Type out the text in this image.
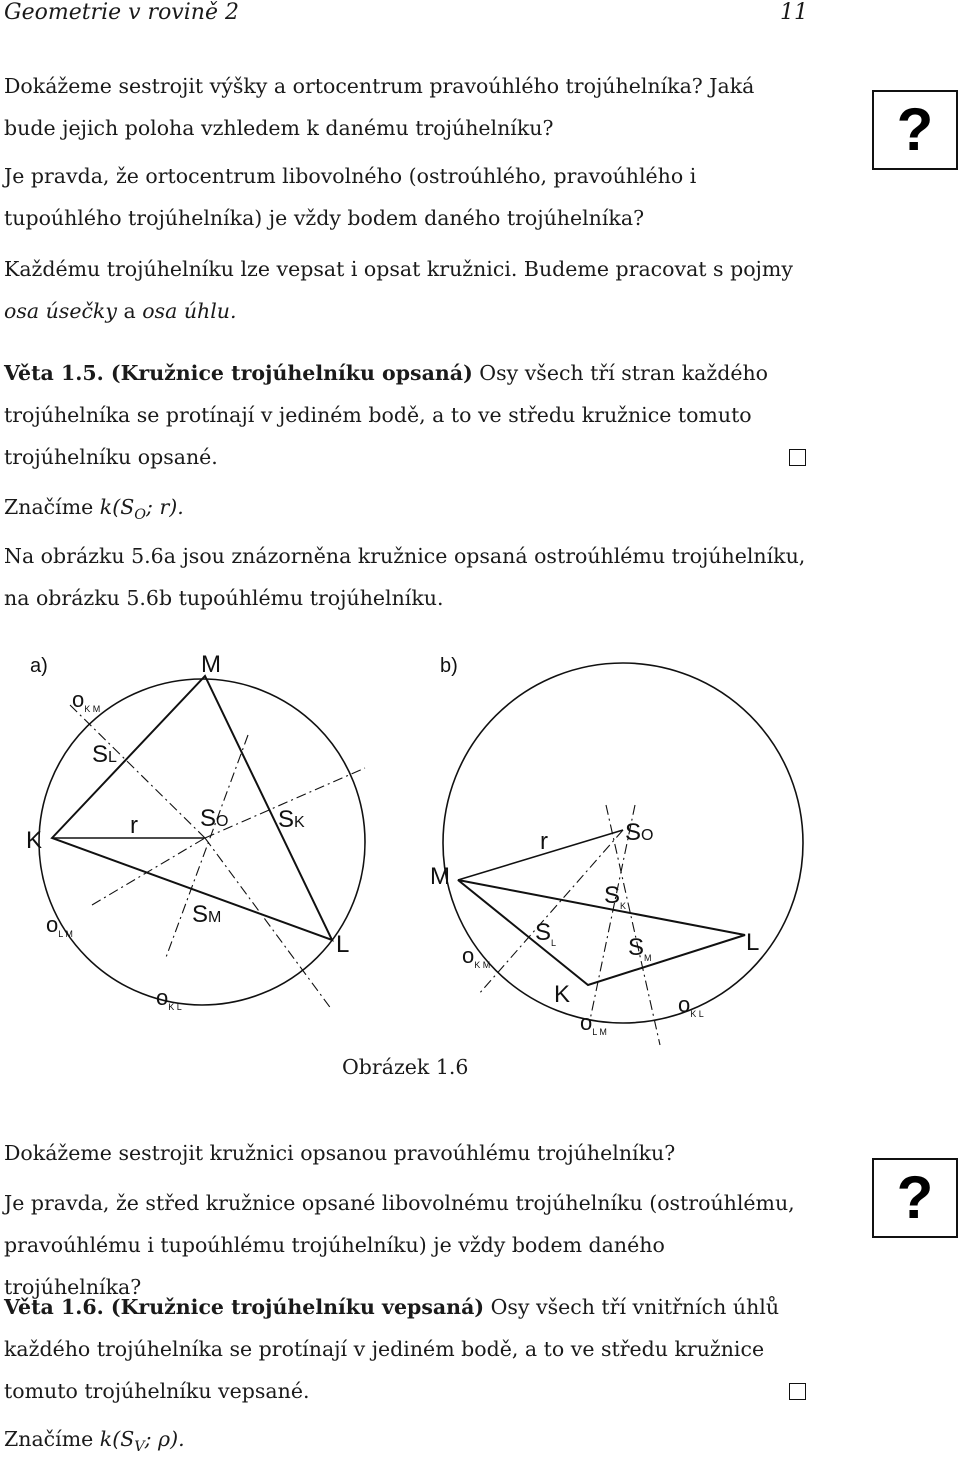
Geometrie v rovině 2	11
?
?
Dokážeme sestrojit výšky a ortocentrum pravoúhlého trojúhelníka? Jaká bude jejich poloha vzhledem k danému trojúhelníku?
Je pravda, že ortocentrum libovolného (ostroúhlého, pravoúhlého i tupoúhlého trojúhelníka) je vždy bodem daného trojúhelníka?
Každému trojúhelníku lze vepsat i opsat kružnici. Budeme pracovat s pojmy osa úsečky a osa úhlu.
Věta 1.5. (Kružnice trojúhelníku opsaná) Osy všech tří stran každého trojúhelníka se protínají v jediném bodě, a to ve středu kružnice tomuto trojúhelníku opsané.
Značíme $k(S_O$; r).
Na obrázku 5.6a jsou znázorněna kružnice opsaná ostroúhlému trojúhelníku, na obrázku 5.6b tupoúhlému trojúhelníku.
a)	M
K
L
r	SO
SL
SK
SM
$o_{K M}$
$o_{L M}$
$o_{K L}$
b)
M
K
L
r	SO
$S_L$
$S_K$
$S_M$
$o_{K M}$
$o_{L M}$
$o_{K L}$
Obrázek 1.6
Dokážeme sestrojit kružnici opsanou pravoúhlému trojúhelníku?
Je pravda, že střed kružnice opsané libovolnému trojúhelníku (ostroúhlému, pravoúhlému i tupoúhlému trojúhelníku) je vždy bodem daného trojúhelníka?
Věta 1.6. (Kružnice trojúhelníku vepsaná) Osy všech tří vnitřních úhlů každého trojúhelníka se protínají v jediném bodě, a to ve středu kružnice tomuto trojúhelníku vepsané.
Značíme $k(S_V$; ρ).
